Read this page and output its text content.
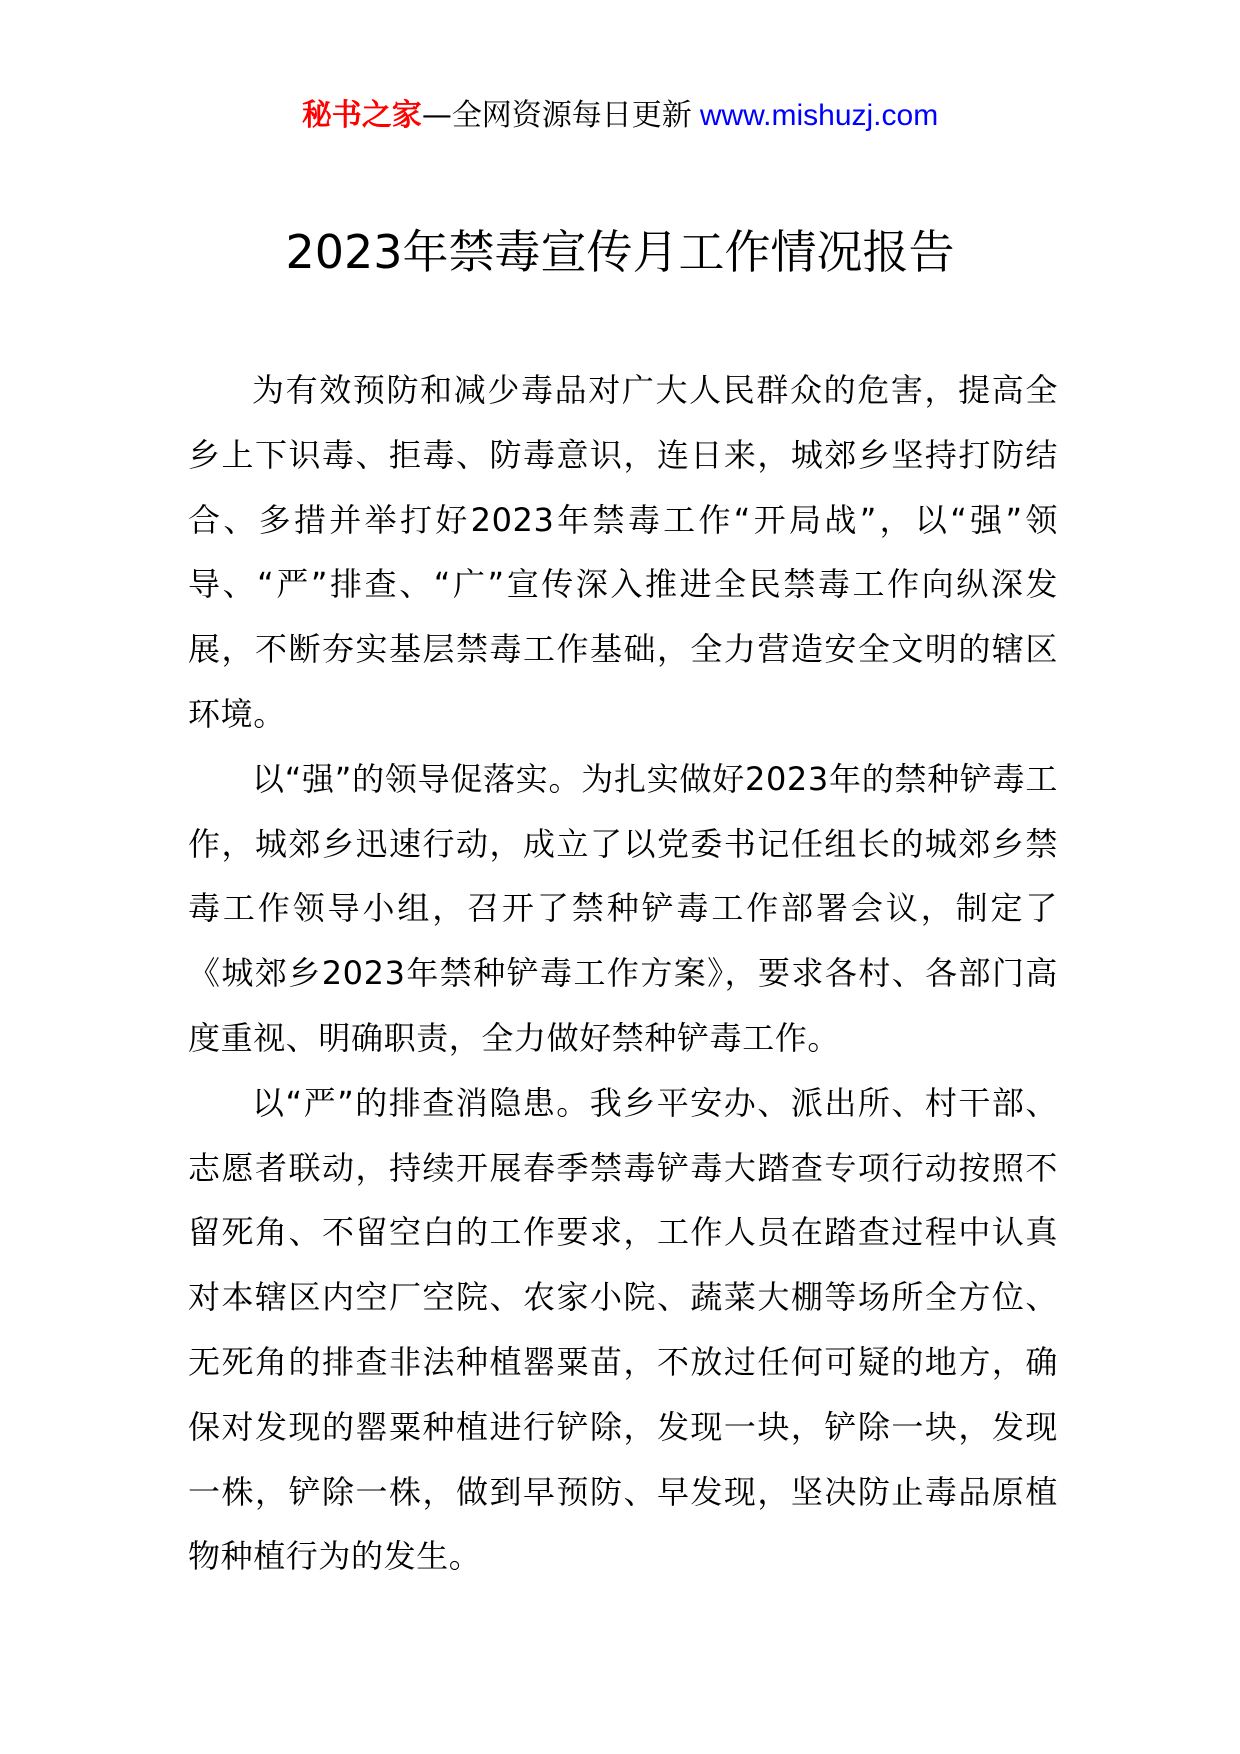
秘书之家—全网资源每日更新 www.mishuzj.com
2023年禁毒宣传月工作情况报告

为有效预防和减少毒品对广大人民群众的危害，提高全乡上下识毒、拒毒、防毒意识，连日来，城郊乡坚持打防结合、多措并举打好2023年禁毒工作“开局战”，以“强”领导、“严”排查、“广”宣传深入推进全民禁毒工作向纵深发展，不断夯实基层禁毒工作基础，全力营造安全文明的辖区环境。

以“强”的领导促落实。为扎实做好2023年的禁种铲毒工作，城郊乡迅速行动，成立了以党委书记任组长的城郊乡禁毒工作领导小组，召开了禁种铲毒工作部署会议，制定了《城郊乡2023年禁种铲毒工作方案》，要求各村、各部门高度重视、明确职责，全力做好禁种铲毒工作。

以“严”的排查消隐患。我乡平安办、派出所、村干部、志愿者联动，持续开展春季禁毒铲毒大踏查专项行动按照不留死角、不留空白的工作要求，工作人员在踏查过程中认真对本辖区内空厂空院、农家小院、蔬菜大棚等场所全方位、无死角的排查非法种植罂粟苗，不放过任何可疑的地方，确保对发现的罂粟种植进行铲除，发现一块，铲除一块，发现一株，铲除一株，做到早预防、早发现，坚决防止毒品原植物种植行为的发生。
